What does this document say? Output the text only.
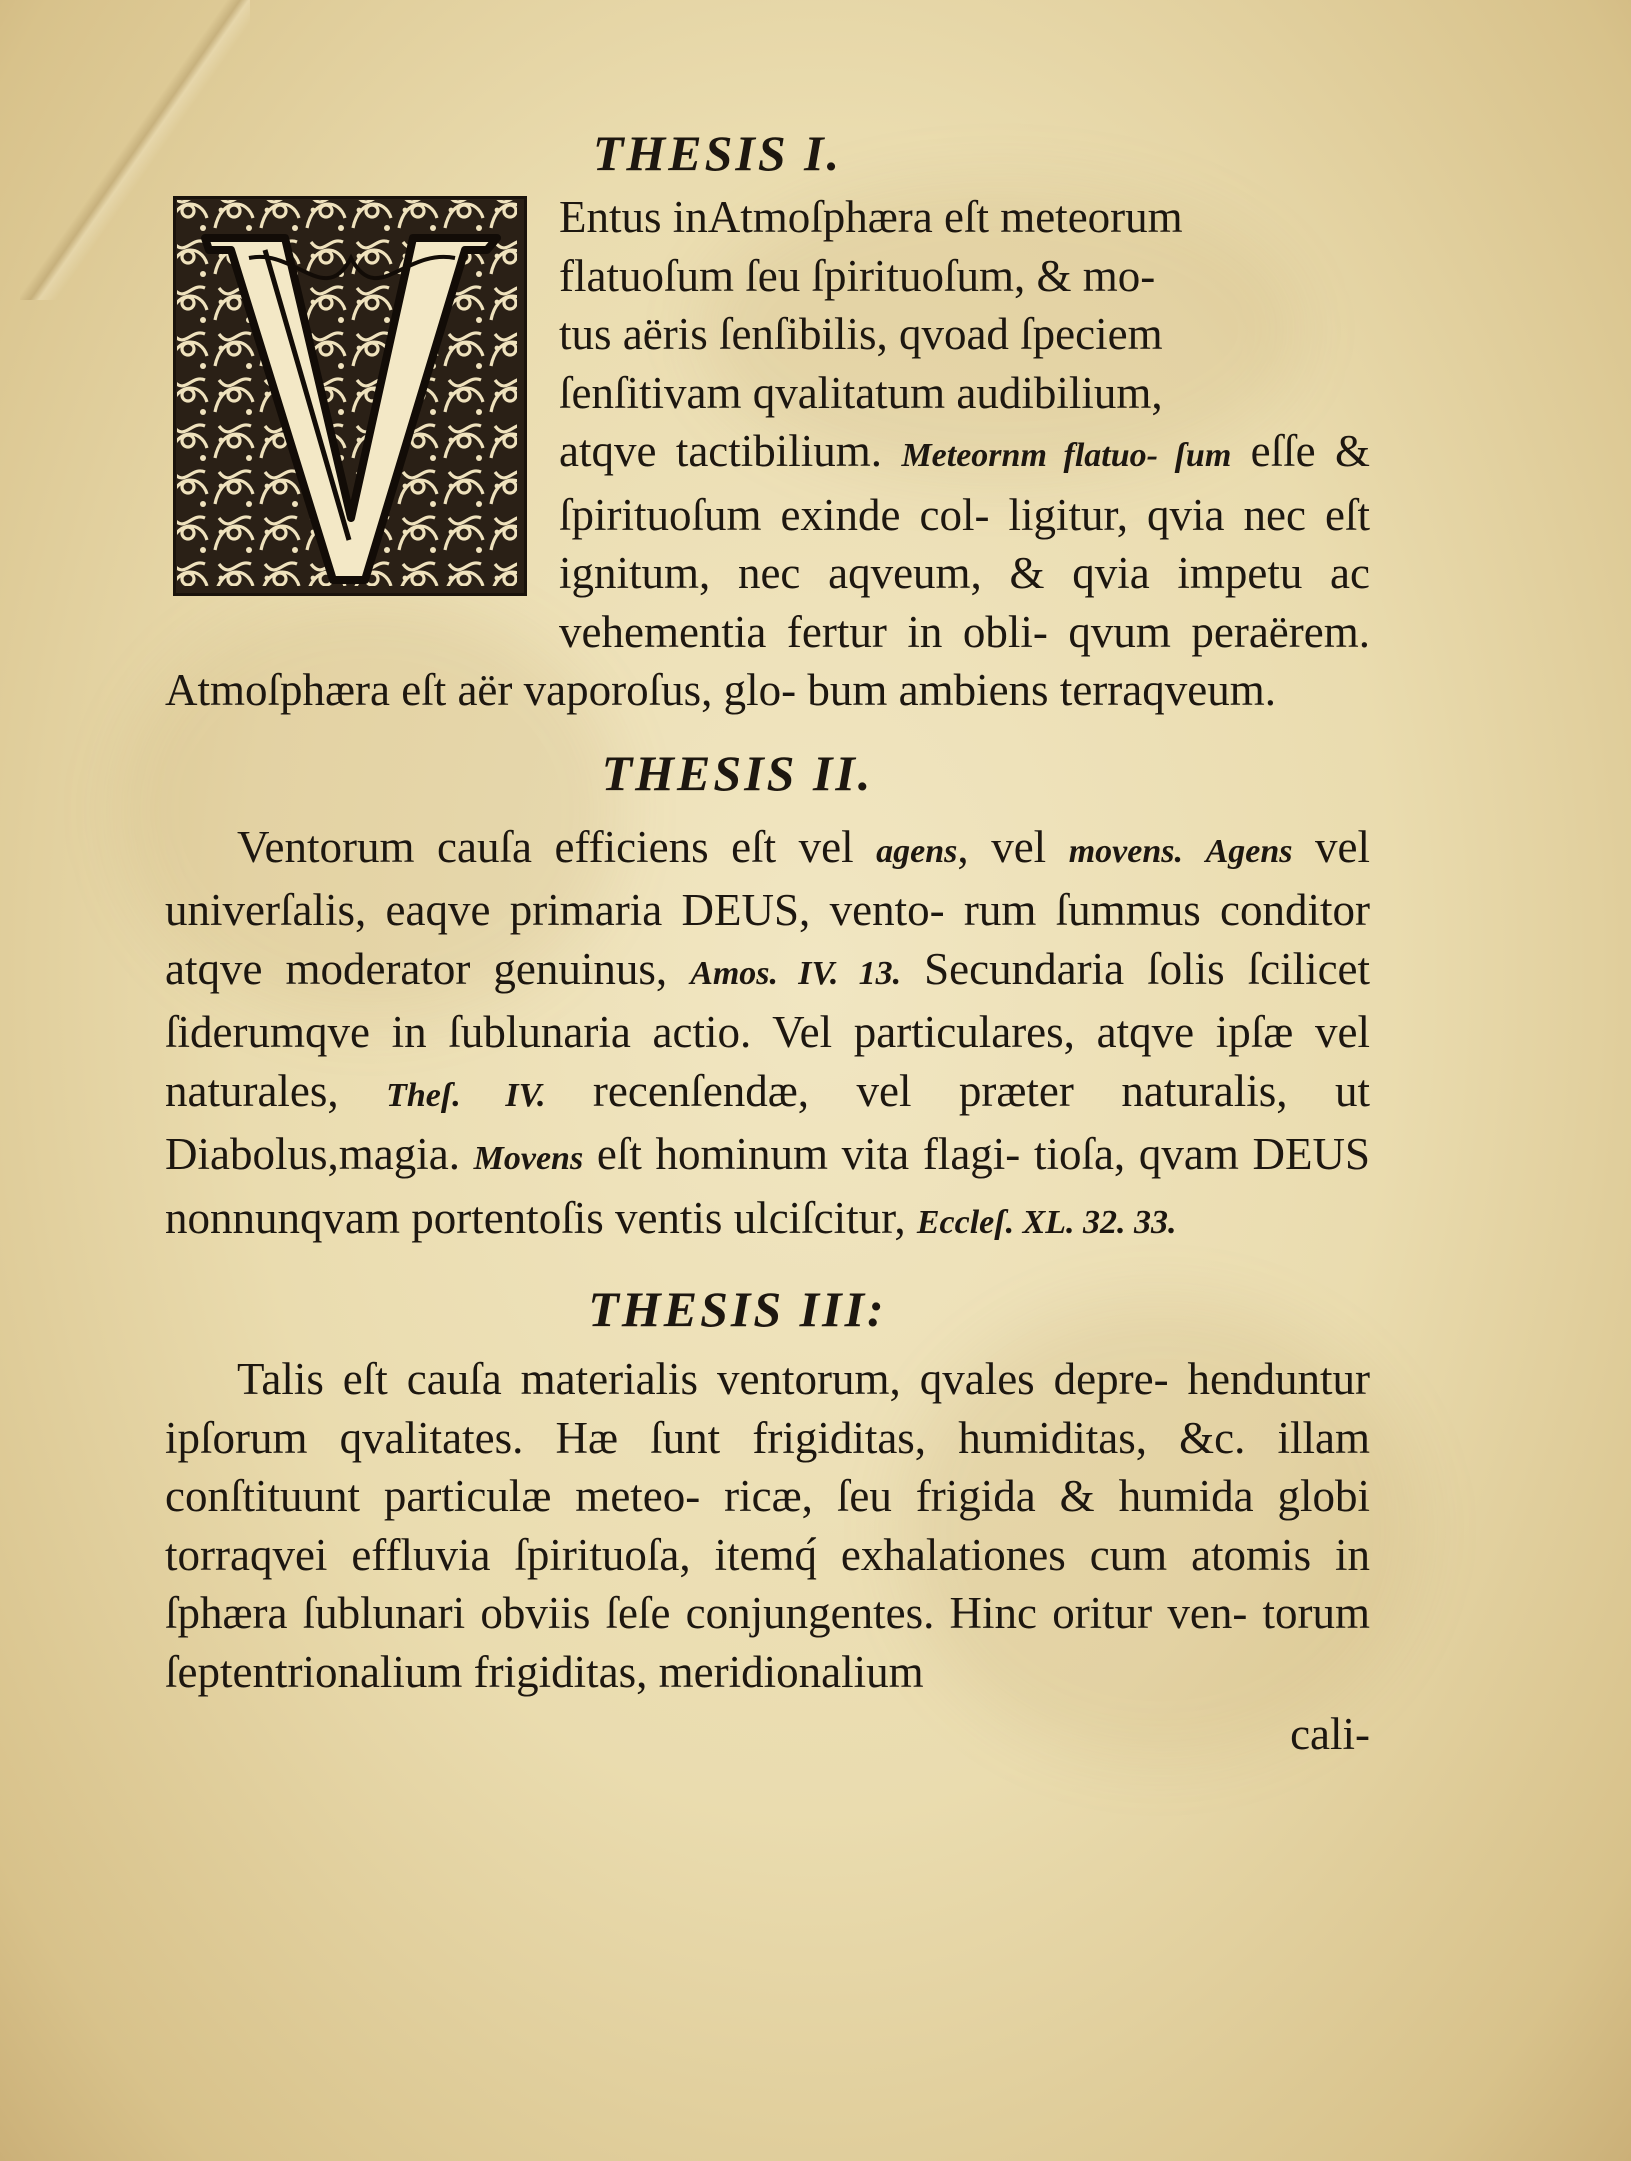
THESIS I.

Entus inAtmoſphæra eſt meteorum

flatuoſum ſeu ſpirituoſum, & mo-

tus aëris ſenſibilis, qvoad ſpeciem

ſenſitivam qvalitatum audibilium,

atqve tactibilium. Meteornm flatuo- ſum eſſe & ſpirituoſum exinde col- ligitur, qvia nec eſt ignitum, nec aqveum, & qvia impetu ac vehementia fertur in obli- qvum peraërem. Atmoſphæra eſt aër vaporoſus, glo- bum ambiens terraqveum.

THESIS II.
Ventorum cauſa efficiens eſt vel agens, vel movens. Agens vel univerſalis, eaqve primaria DEUS, vento- rum ſummus conditor atqve moderator genuinus, Amos. IV. 13. Secundaria ſolis ſcilicet ſiderumqve in ſublunaria actio. Vel particulares, atqve ipſæ vel naturales, Theſ. IV. recenſendæ, vel præter naturalis, ut Diabolus,magia. Movens eſt hominum vita flagi- tioſa, qvam DEUS nonnunqvam portentoſis ventis ulciſcitur, Eccleſ. XL. 32. 33.
THESIS III:
Talis eſt cauſa materialis ventorum, qvales depre- henduntur ipſorum qvalitates. Hæ ſunt frigiditas, humiditas, &c. illam conſtituunt particulæ meteo- ricæ, ſeu frigida & humida globi torraqvei effluvia ſpirituoſa, itemq́ exhalationes cum atomis in ſphæra ſublunari obviis ſeſe conjungentes. Hinc oritur ven- torum ſeptentrionalium frigiditas, meridionalium

cali-
